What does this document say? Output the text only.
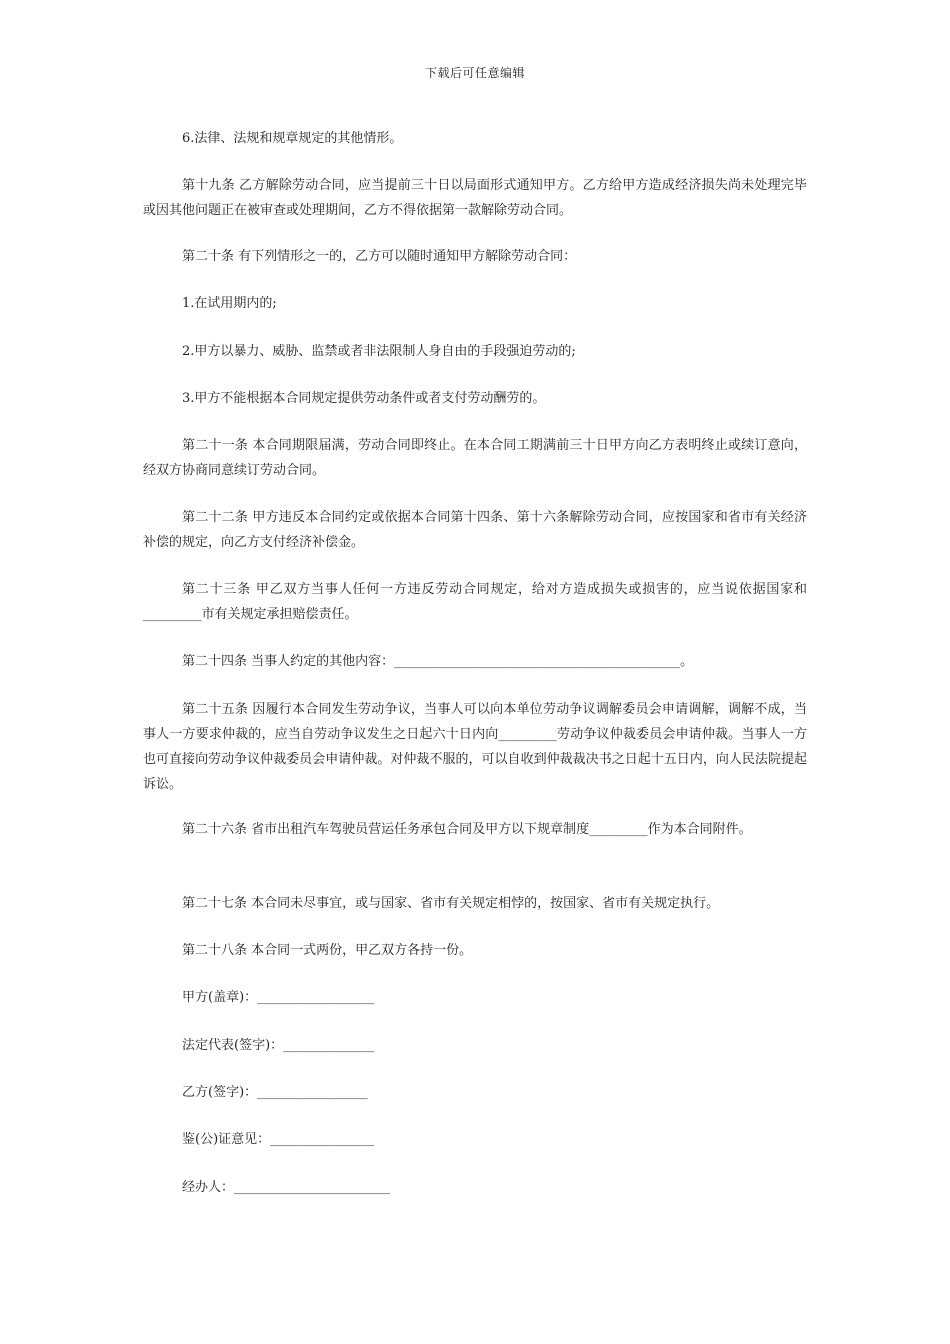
下载后可任意编辑

6.法律、法规和规章规定的其他情形。

第十九条 乙方解除劳动合同，应当提前三十日以局面形式通知甲方。乙方给甲方造成经济损失尚未处理完毕或因其他问题正在被审查或处理期间，乙方不得依据第一款解除劳动合同。

第二十条 有下列情形之一的，乙方可以随时通知甲方解除劳动合同：

1.在试用期内的;

2.甲方以暴力、威胁、监禁或者非法限制人身自由的手段强迫劳动的;

3.甲方不能根据本合同规定提供劳动条件或者支付劳动酬劳的。

第二十一条 本合同期限届满，劳动合同即终止。在本合同工期满前三十日甲方向乙方表明终止或续订意向，经双方协商同意续订劳动合同。

第二十二条 甲方违反本合同约定或依据本合同第十四条、第十六条解除劳动合同，应按国家和省市有关经济补偿的规定，向乙方支付经济补偿金。

第二十三条 甲乙双方当事人任何一方违反劳动合同规定，给对方造成损失或损害的，应当说依据国家和_________市有关规定承担赔偿责任。

第二十四条 当事人约定的其他内容：____________________________________________。

第二十五条 因履行本合同发生劳动争议，当事人可以向本单位劳动争议调解委员会申请调解，调解不成，当事人一方要求仲裁的，应当自劳动争议发生之日起六十日内向_________劳动争议仲裁委员会申请仲裁。当事人一方也可直接向劳动争议仲裁委员会申请仲裁。对仲裁不服的，可以自收到仲裁裁决书之日起十五日内，向人民法院提起诉讼。

第二十六条 省市出租汽车驾驶员营运任务承包合同及甲方以下规章制度_________作为本合同附件。

第二十七条 本合同未尽事宜，或与国家、省市有关规定相悖的，按国家、省市有关规定执行。

第二十八条 本合同一式两份，甲乙双方各持一份。

甲方(盖章)：__________________

法定代表(签字)：______________

乙方(签字)：_________________

鉴(公)证意见：________________

经办人：________________________
